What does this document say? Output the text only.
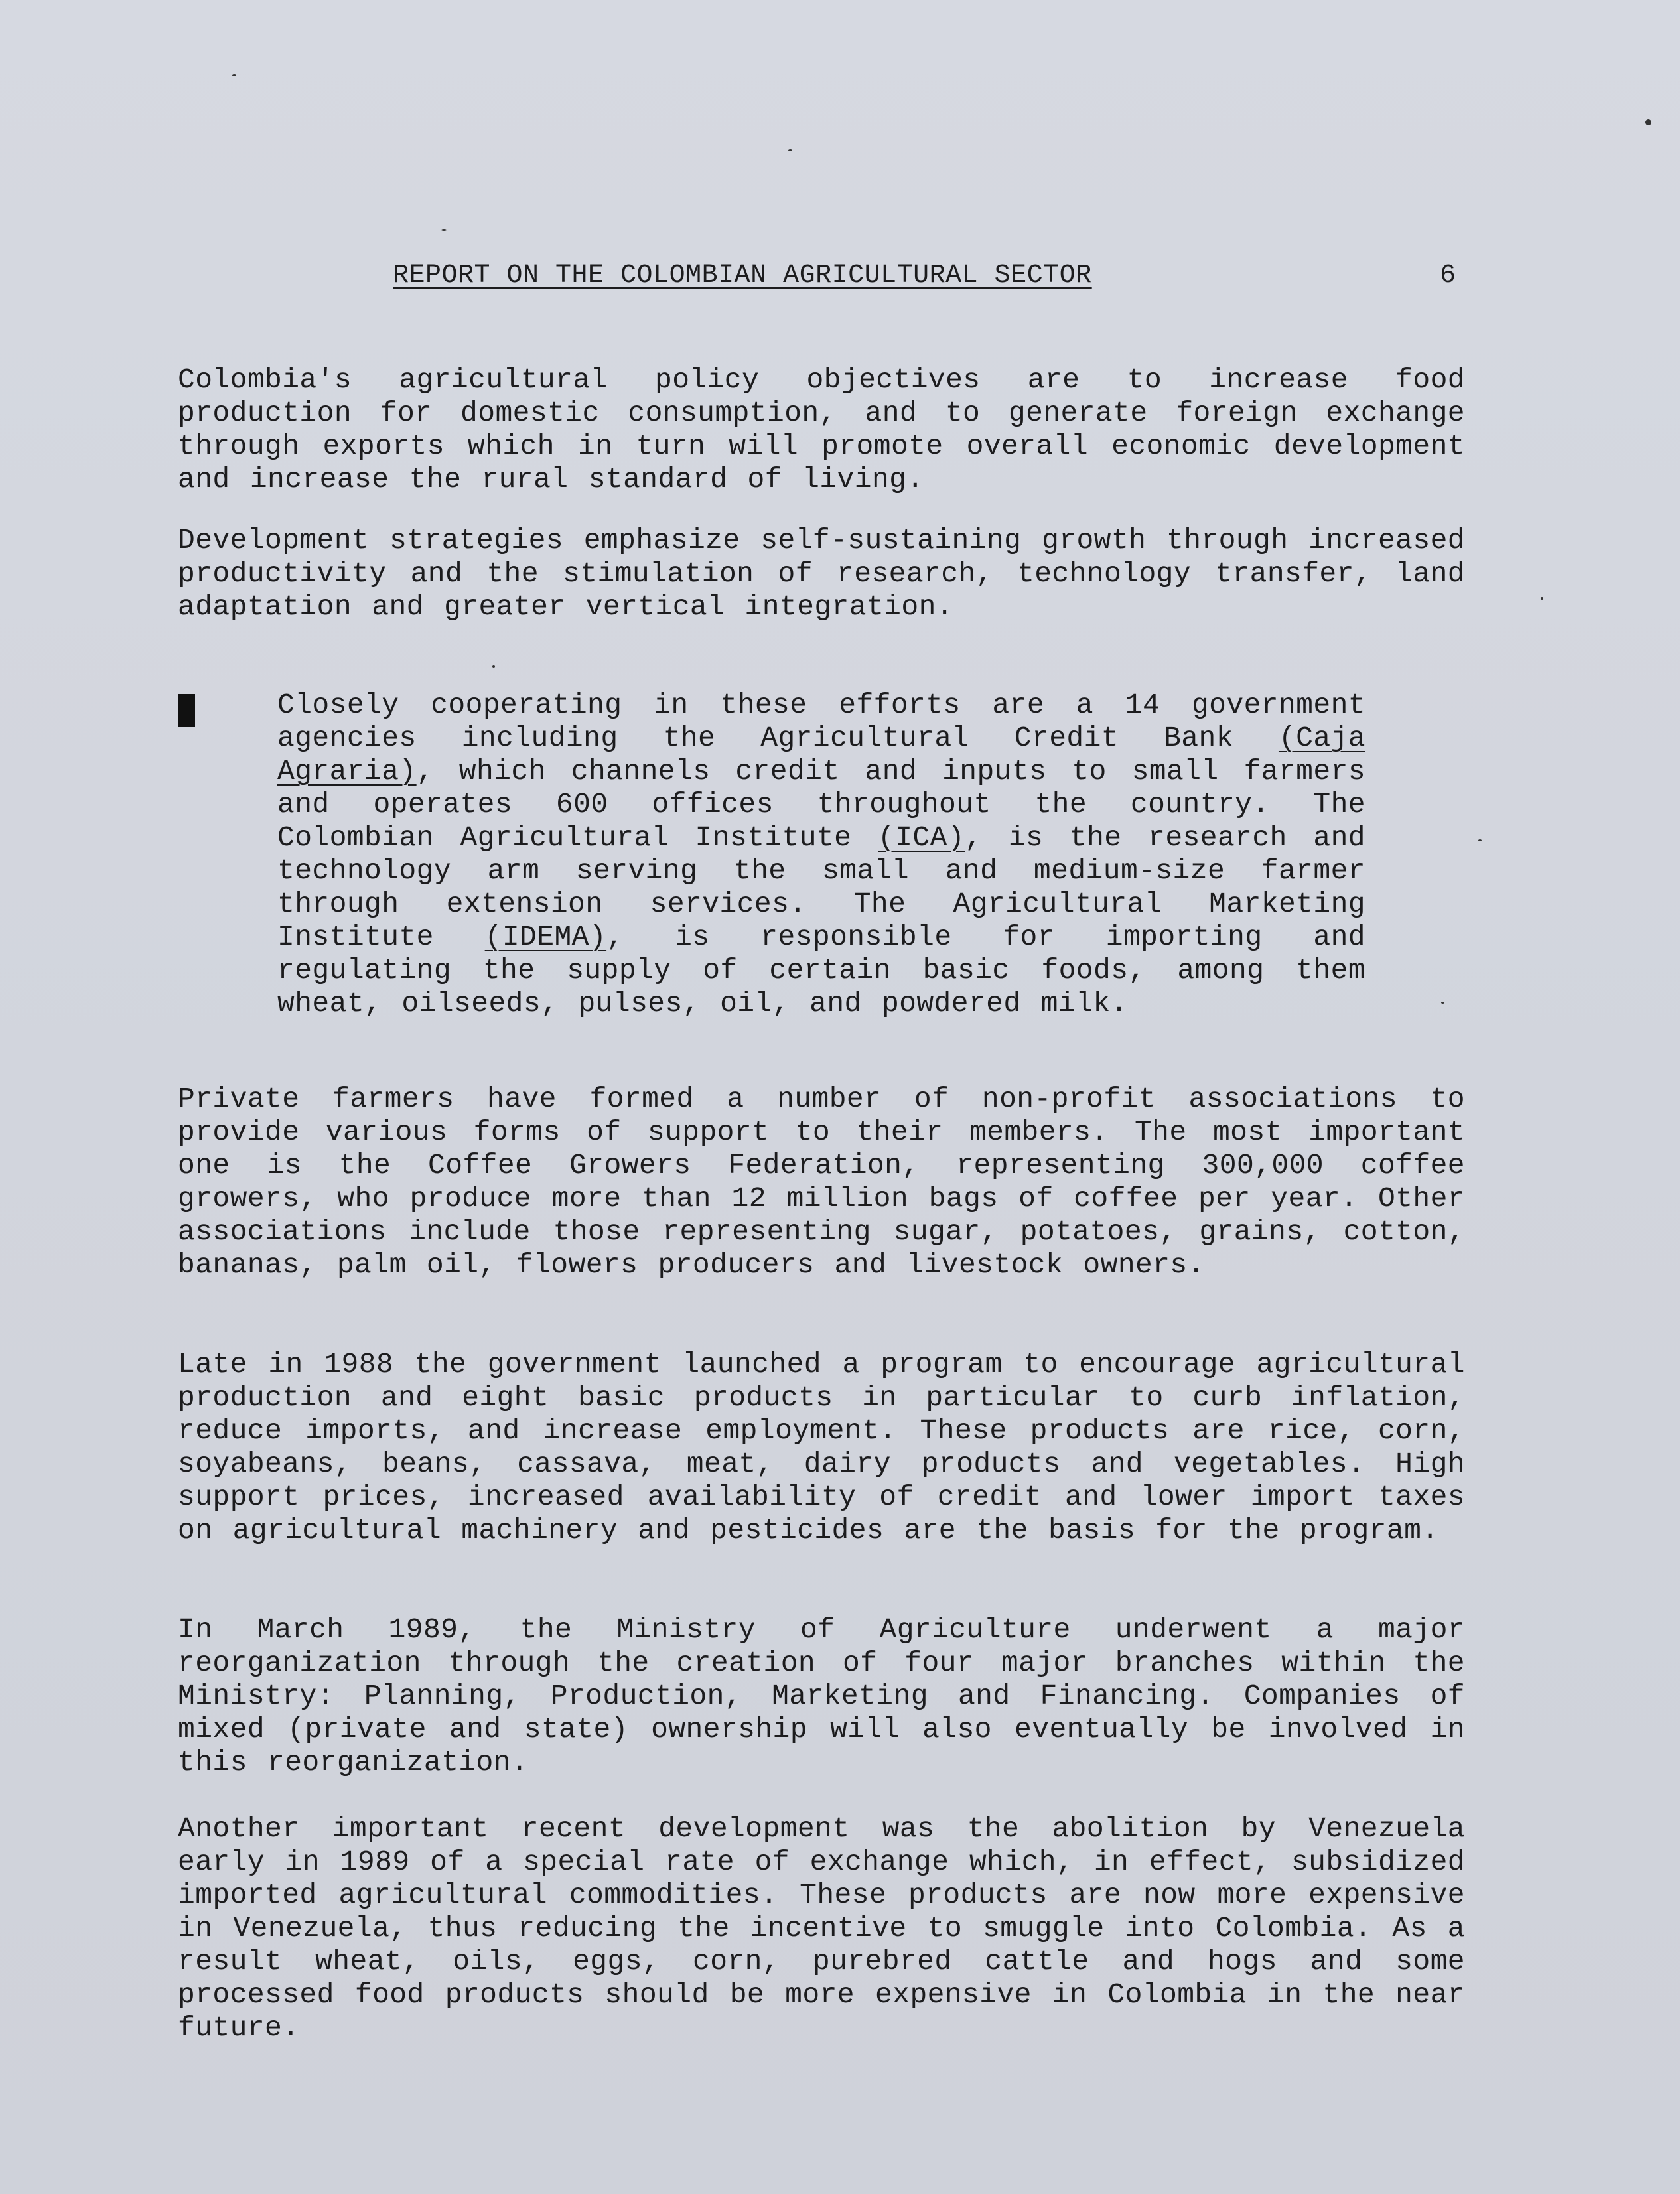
REPORT ON THE COLOMBIAN AGRICULTURAL SECTOR	6
Colombia's agricultural policy objectives are to increase food production for domestic consumption, and to generate foreign exchange through exports which in turn will promote overall economic development and increase the rural standard of living.
Development strategies emphasize self-sustaining growth through increased productivity and the stimulation of research, technology transfer, land adaptation and greater vertical integration.
Closely cooperating in these efforts are a 14 government agencies including the Agricultural Credit Bank (Caja Agraria), which channels credit and inputs to small farmers and operates 600 offices throughout the country. The Colombian Agricultural Institute (ICA), is the research and technology arm serving the small and medium-size farmer through extension services. The Agricultural Marketing Institute (IDEMA), is responsible for importing and regulating the supply of certain basic foods, among them wheat, oilseeds, pulses, oil, and powdered milk.
Private farmers have formed a number of non-profit associations to provide various forms of support to their members. The most important one is the Coffee Growers Federation, representing 300,000 coffee growers, who produce more than 12 million bags of coffee per year. Other associations include those representing sugar, potatoes, grains, cotton, bananas, palm oil, flowers producers and livestock owners.
Late in 1988 the government launched a program to encourage agricultural production and eight basic products in particular to curb inflation, reduce imports, and increase employment. These products are rice, corn, soyabeans, beans, cassava, meat, dairy products and vegetables. High support prices, increased availability of credit and lower import taxes on agricultural machinery and pesticides are the basis for the program.
In March 1989, the Ministry of Agriculture underwent a major reorganization through the creation of four major branches within the Ministry: Planning, Production, Marketing and Financing. Companies of mixed (private and state) ownership will also eventually be involved in this reorganization.
Another important recent development was the abolition by Venezuela early in 1989 of a special rate of exchange which, in effect, subsidized imported agricultural commodities. These products are now more expensive in Venezuela, thus reducing the incentive to smuggle into Colombia. As a result wheat, oils, eggs, corn, purebred cattle and hogs and some processed food products should be more expensive in Colombia in the near future.
